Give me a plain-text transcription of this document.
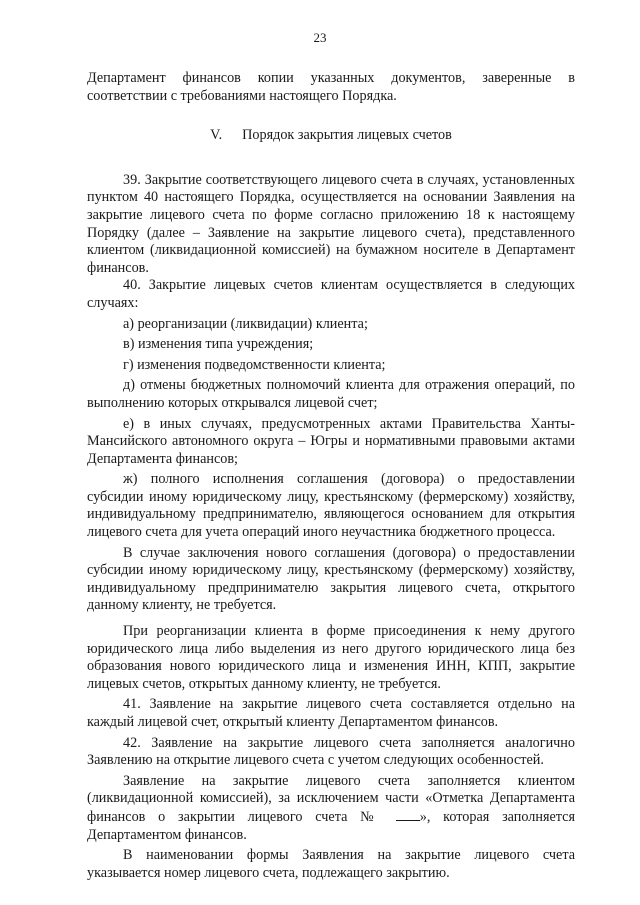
23

Департамент финансов копии указанных документов, заверенные в соответствии с требованиями настоящего Порядка.

V. Порядок закрытия лицевых счетов

39. Закрытие соответствующего лицевого счета в случаях, установленных пунктом 40 настоящего Порядка, осуществляется на основании Заявления на закрытие лицевого счета по форме согласно приложению 18 к настоящему Порядку (далее – Заявление на закрытие лицевого счета), представленного клиентом (ликвидационной комиссией) на бумажном носителе в Департамент финансов.

40. Закрытие лицевых счетов клиентам осуществляется в следующих случаях:

а) реорганизации (ликвидации) клиента;

в) изменения типа учреждения;

г) изменения подведомственности клиента;

д) отмены бюджетных полномочий клиента для отражения операций, по выполнению которых открывался лицевой счет;

е) в иных случаях, предусмотренных актами Правительства Ханты-Мансийского автономного округа – Югры и нормативными правовыми актами Департамента финансов;

ж) полного исполнения соглашения (договора) о предоставлении субсидии иному юридическому лицу, крестьянскому (фермерскому) хозяйству, индивидуальному предпринимателю, являющегося основанием для открытия лицевого счета для учета операций иного неучастника бюджетного процесса.

В случае заключения нового соглашения (договора) о предоставлении субсидии иному юридическому лицу, крестьянскому (фермерскому) хозяйству, индивидуальному предпринимателю закрытия лицевого счета, открытого данному клиенту, не требуется.

При реорганизации клиента в форме присоединения к нему другого юридического лица либо выделения из него другого юридического лица без образования нового юридического лица и изменения ИНН, КПП, закрытие лицевых счетов, открытых данному клиенту, не требуется.

41. Заявление на закрытие лицевого счета составляется отдельно на каждый лицевой счет, открытый клиенту Департаментом финансов.

42. Заявление на закрытие лицевого счета заполняется аналогично Заявлению на открытие лицевого счета с учетом следующих особенностей.

Заявление на закрытие лицевого счета заполняется клиентом (ликвидационной комиссией), за исключением части «Отметка Департамента финансов о закрытии лицевого счета №	», которая заполняется Департаментом финансов.

В наименовании формы Заявления на закрытие лицевого счета указывается номер лицевого счета, подлежащего закрытию.
